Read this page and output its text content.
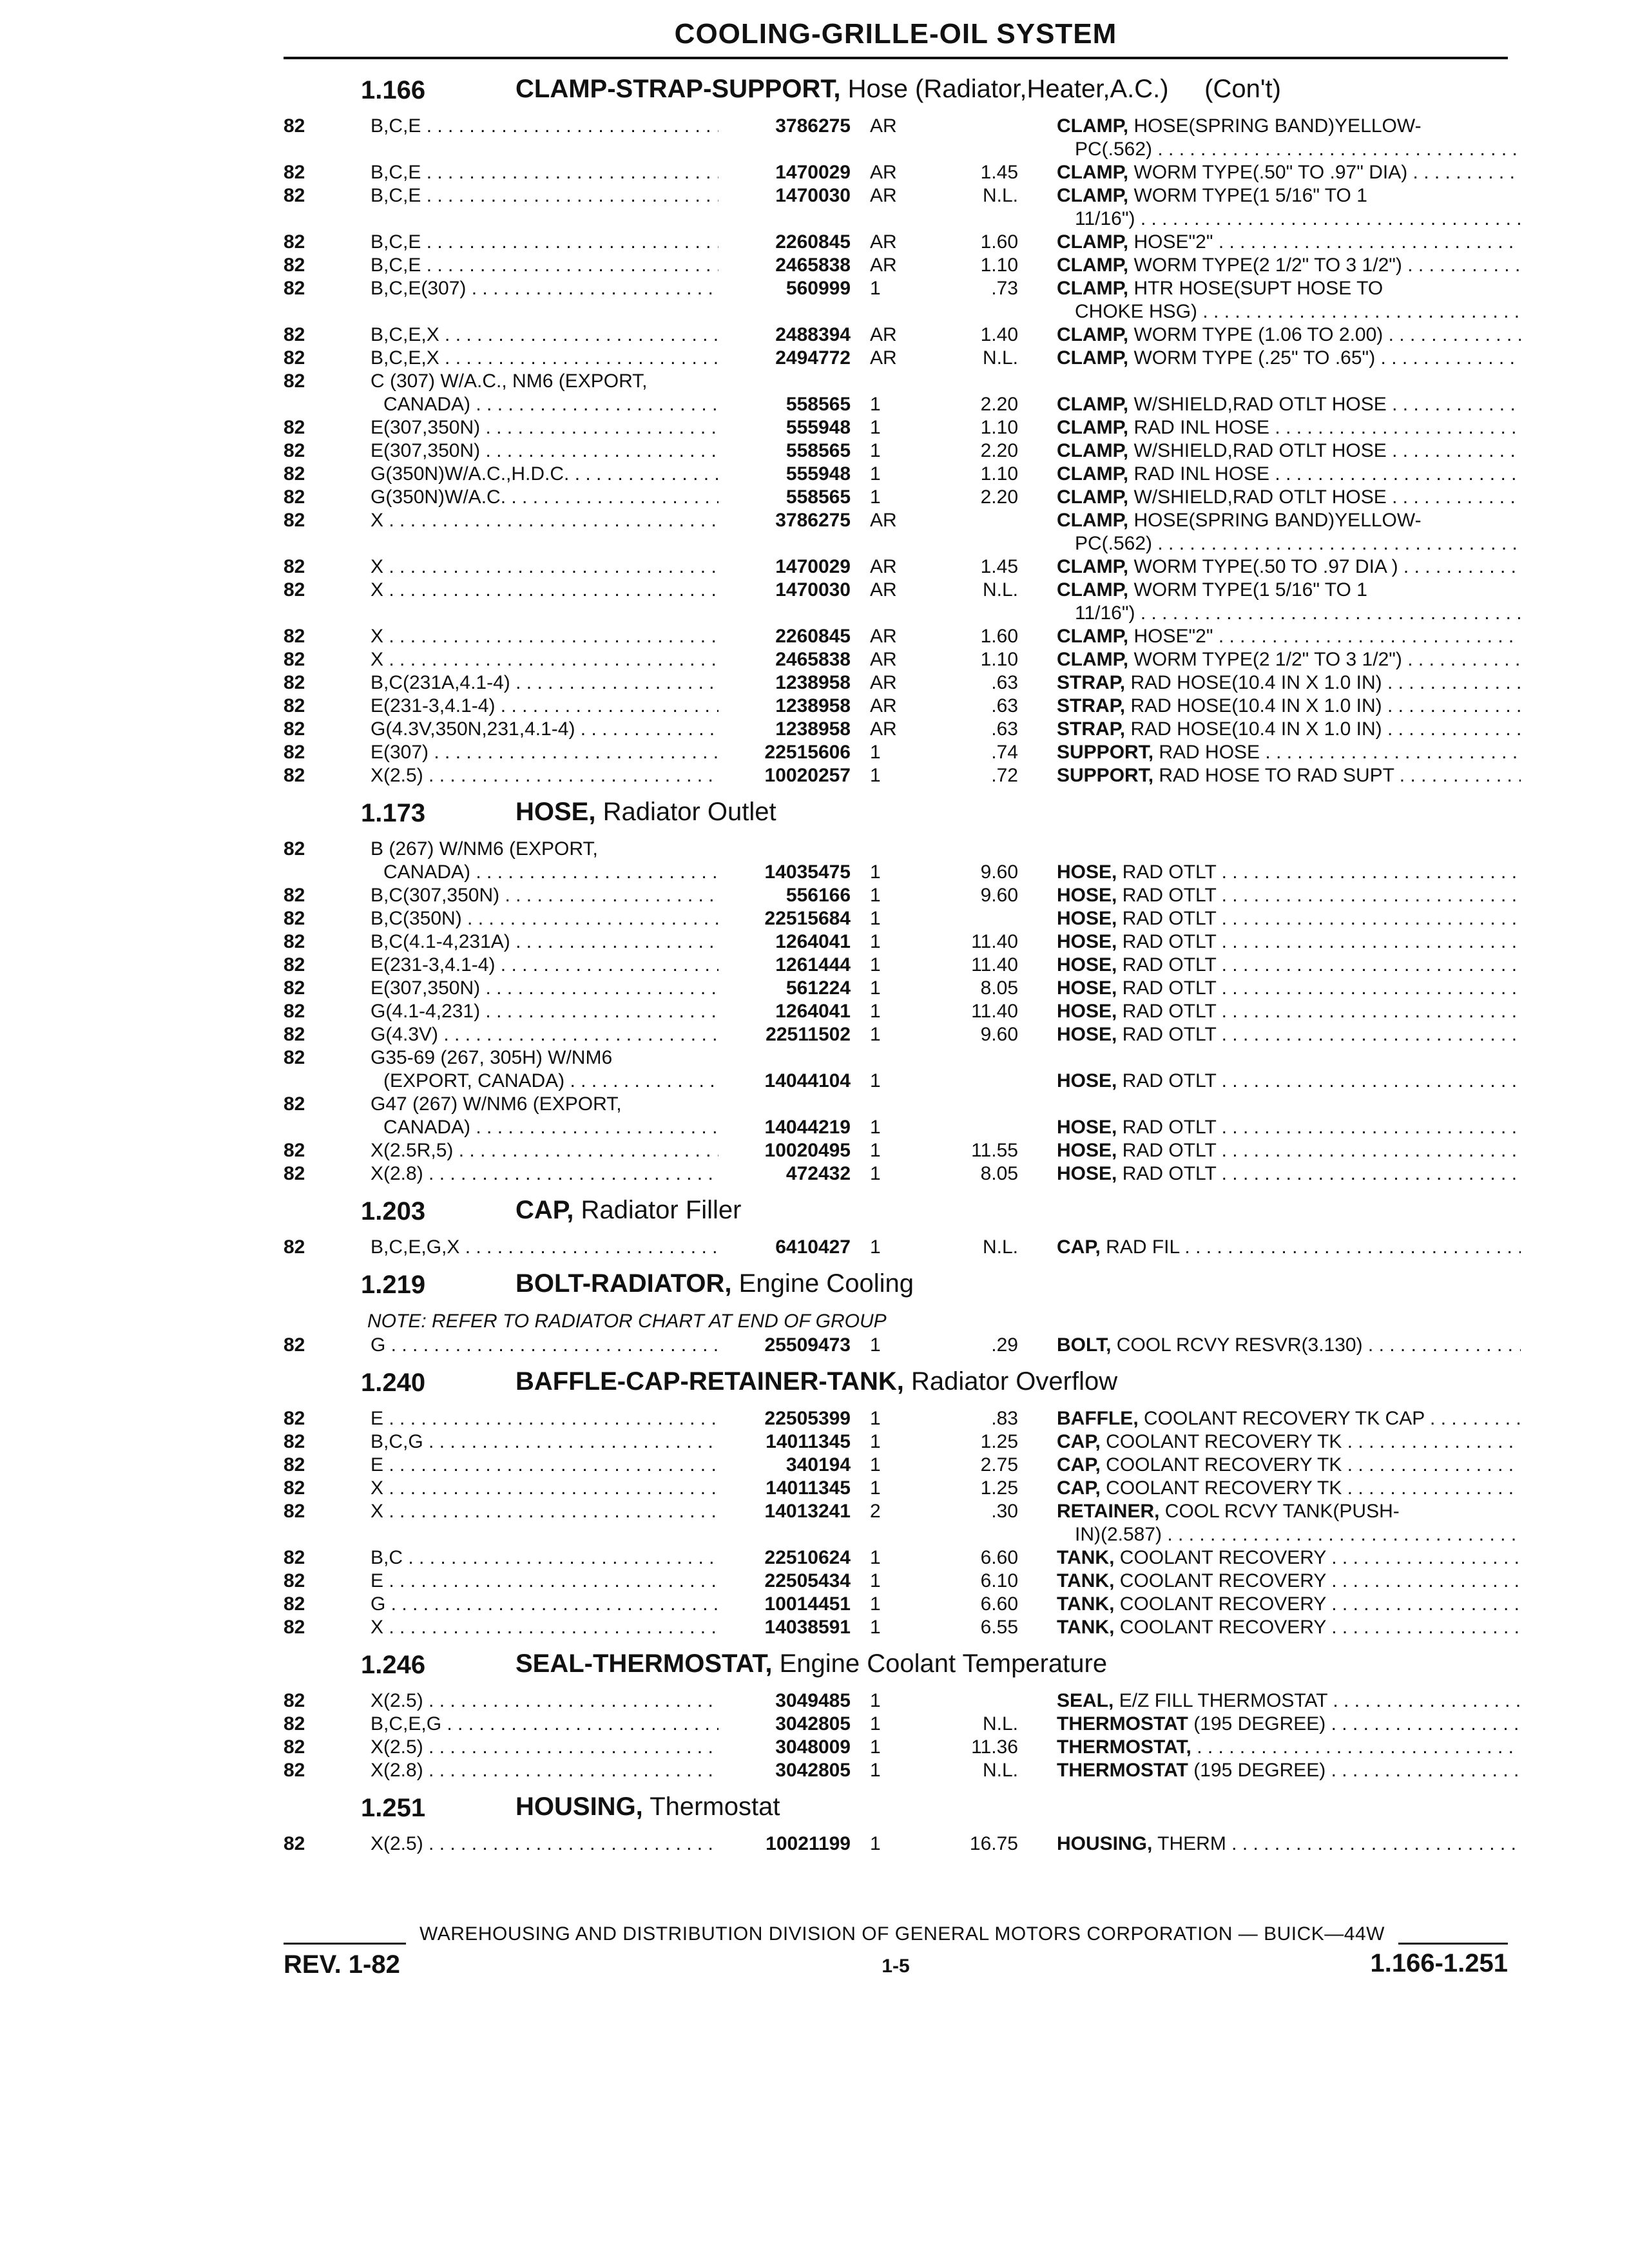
COOLING-GRILLE-OIL SYSTEM
1.166	CLAMP-STRAP-SUPPORT, Hose (Radiator,Heater,A.C.)     (Con't)
82	B,C,E . . .	3786275 AR	CLAMP, HOSE(SPRING BAND)YELLOW-
PC(.562) . . .
82	B,C,E . . .	1470029 AR	1.45 CLAMP, WORM TYPE(.50" TO .97" DIA) . . .
82	B,C,E . . .	1470030 AR	N.L. CLAMP, WORM TYPE(1 5/16" TO 1
11/16") . . .
82	B,C,E . . .	2260845 AR	1.60 CLAMP, HOSE"2" . . .
82	B,C,E . . .	2465838 AR	1.10 CLAMP, WORM TYPE(2 1/2" TO 3 1/2") . . .
82	B,C,E(307) . . .	560999 1	.73 CLAMP, HTR HOSE(SUPT HOSE TO
CHOKE HSG) . . .
82	B,C,E,X . . .	2488394 AR	1.40 CLAMP, WORM TYPE (1.06 TO 2.00) . . .
82	B,C,E,X . . .	2494772 AR	N.L. CLAMP, WORM TYPE (.25" TO .65") . . .
82	C (307) W/A.C., NM6 (EXPORT,
CANADA) . . .	558565 1	2.20 CLAMP, W/SHIELD,RAD OTLT HOSE . . .
82	E(307,350N) . . .	555948 1	1.10 CLAMP, RAD INL HOSE . . .
82	E(307,350N) . . .	558565 1	2.20 CLAMP, W/SHIELD,RAD OTLT HOSE . . .
82	G(350N)W/A.C.,H.D.C. . . .	555948 1	1.10 CLAMP, RAD INL HOSE . . .
82	G(350N)W/A.C. . . .	558565 1	2.20 CLAMP, W/SHIELD,RAD OTLT HOSE . . .
82	X . . .	3786275 AR	CLAMP, HOSE(SPRING BAND)YELLOW-
PC(.562) . . .
82	X . . .	1470029 AR	1.45 CLAMP, WORM TYPE(.50 TO .97 DIA ) . . .
82	X . . .	1470030 AR	N.L. CLAMP, WORM TYPE(1 5/16" TO 1
11/16") . . .
82	X . . .	2260845 AR	1.60 CLAMP, HOSE"2" . . .
82	X . . .	2465838 AR	1.10 CLAMP, WORM TYPE(2 1/2" TO 3 1/2") . . .
82	B,C(231A,4.1-4) . . .	1238958 AR	.63 STRAP, RAD HOSE(10.4 IN X 1.0 IN) . . .
82	E(231-3,4.1-4) . . .	1238958 AR	.63 STRAP, RAD HOSE(10.4 IN X 1.0 IN) . . .
82	G(4.3V,350N,231,4.1-4) . . .	1238958 AR	.63 STRAP, RAD HOSE(10.4 IN X 1.0 IN) . . .
82	E(307) . . .	22515606 1	.74 SUPPORT, RAD HOSE . . .
82	X(2.5) . . .	10020257 1	.72 SUPPORT, RAD HOSE TO RAD SUPT . . .
1.173	HOSE, Radiator Outlet
82	B (267) W/NM6 (EXPORT,
CANADA) . . .	14035475 1	9.60 HOSE, RAD OTLT . . .
82	B,C(307,350N) . . .	556166 1	9.60 HOSE, RAD OTLT . . .
82	B,C(350N) . . .	22515684 1	HOSE, RAD OTLT . . .
82	B,C(4.1-4,231A) . . .	1264041 1	11.40 HOSE, RAD OTLT . . .
82	E(231-3,4.1-4) . . .	1261444 1	11.40 HOSE, RAD OTLT . . .
82	E(307,350N) . . .	561224 1	8.05 HOSE, RAD OTLT . . .
82	G(4.1-4,231) . . .	1264041 1	11.40 HOSE, RAD OTLT . . .
82	G(4.3V) . . .	22511502 1	9.60 HOSE, RAD OTLT . . .
82	G35-69 (267, 305H) W/NM6
(EXPORT, CANADA) . . .	14044104 1	HOSE, RAD OTLT . . .
82	G47 (267) W/NM6 (EXPORT,
CANADA) . . .	14044219 1	HOSE, RAD OTLT . . .
82	X(2.5R,5) . . .	10020495 1	11.55 HOSE, RAD OTLT . . .
82	X(2.8) . . .	472432 1	8.05 HOSE, RAD OTLT . . .
1.203	CAP, Radiator Filler
82	B,C,E,G,X . . .	6410427 1	N.L. CAP, RAD FIL . . .
1.219	BOLT-RADIATOR, Engine Cooling
NOTE: REFER TO RADIATOR CHART AT END OF GROUP
82	G . . .	25509473 1	.29 BOLT, COOL RCVY RESVR(3.130) . . .
1.240	BAFFLE-CAP-RETAINER-TANK, Radiator Overflow
82	E . . .	22505399 1	.83 BAFFLE, COOLANT RECOVERY TK CAP . . .
82	B,C,G . . .	14011345 1	1.25 CAP, COOLANT RECOVERY TK . . .
82	E . . .	340194 1	2.75 CAP, COOLANT RECOVERY TK . . .
82	X . . .	14011345 1	1.25 CAP, COOLANT RECOVERY TK . . .
82	X . . .	14013241 2	.30 RETAINER, COOL RCVY TANK(PUSH-
IN)(2.587) . . .
82	B,C . . .	22510624 1	6.60 TANK, COOLANT RECOVERY . . .
82	E . . .	22505434 1	6.10 TANK, COOLANT RECOVERY . . .
82	G . . .	10014451 1	6.60 TANK, COOLANT RECOVERY . . .
82	X . . .	14038591 1	6.55 TANK, COOLANT RECOVERY . . .
1.246	SEAL-THERMOSTAT, Engine Coolant Temperature
82	X(2.5) . . .	3049485 1	SEAL, E/Z FILL THERMOSTAT . . .
82	B,C,E,G . . .	3042805 1	N.L. THERMOSTAT (195 DEGREE) . . .
82	X(2.5) . . .	3048009 1	11.36 THERMOSTAT, . . .
82	X(2.8) . . .	3042805 1	N.L. THERMOSTAT (195 DEGREE) . . .
1.251	HOUSING, Thermostat
82	X(2.5) . . .	10021199 1	16.75 HOUSING, THERM . . .
WAREHOUSING AND DISTRIBUTION DIVISION OF GENERAL MOTORS CORPORATION — BUICK—44W
REV. 1-82	1-5	1.166-1.251
